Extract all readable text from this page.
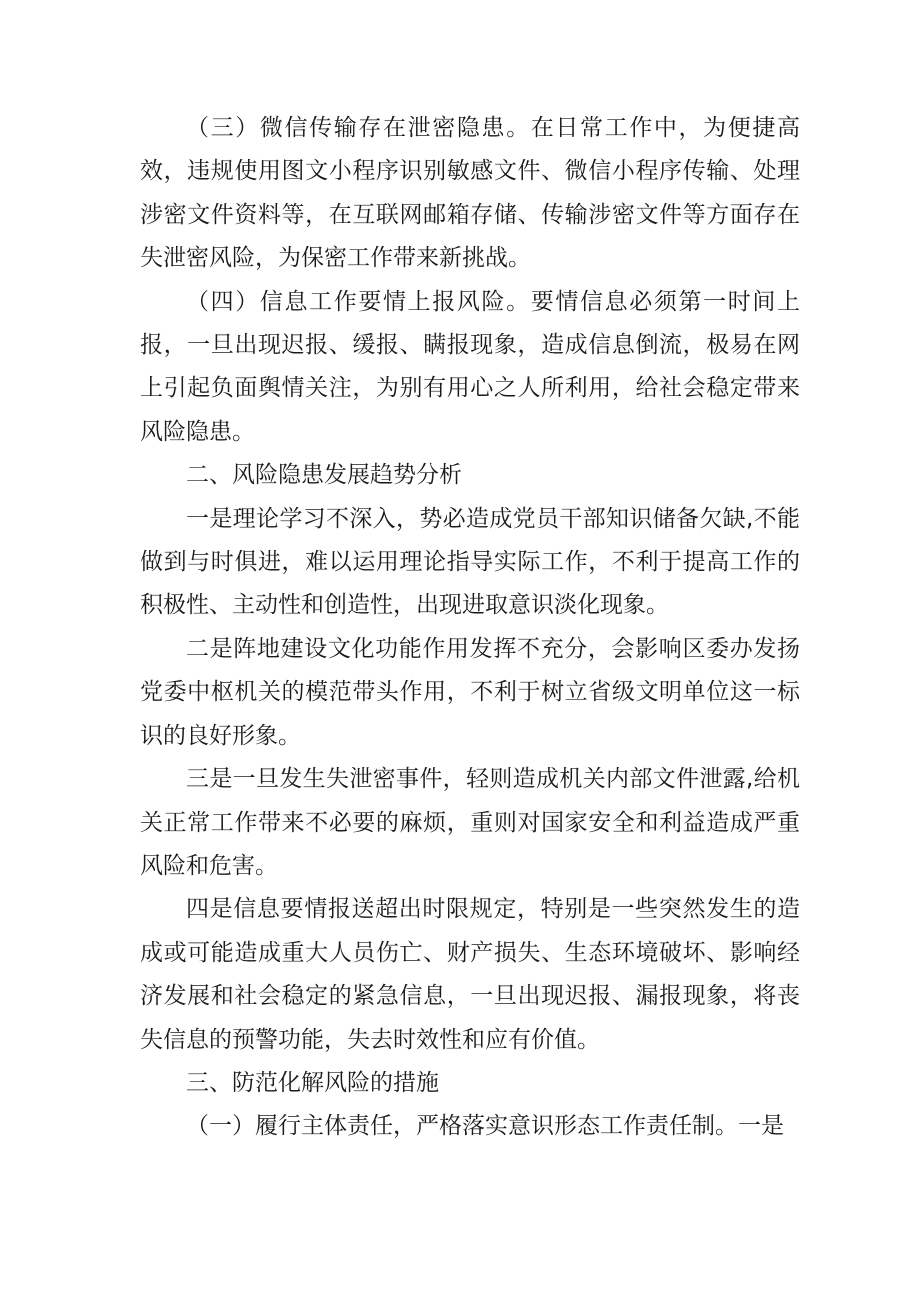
（三）微信传输存在泄密隐患。在日常工作中，为便捷高效，违规使用图文小程序识别敏感文件、微信小程序传输、处理涉密文件资料等，在互联网邮箱存储、传输涉密文件等方面存在失泄密风险，为保密工作带来新挑战。

（四）信息工作要情上报风险。要情信息必须第一时间上报，一旦出现迟报、缓报、瞒报现象，造成信息倒流，极易在网上引起负面舆情关注，为别有用心之人所利用，给社会稳定带来风险隐患。

二、风险隐患发展趋势分析

一是理论学习不深入，势必造成党员干部知识储备欠缺,不能做到与时俱进，难以运用理论指导实际工作，不利于提高工作的积极性、主动性和创造性，出现进取意识淡化现象。

二是阵地建设文化功能作用发挥不充分，会影响区委办发扬党委中枢机关的模范带头作用，不利于树立省级文明单位这一标识的良好形象。

三是一旦发生失泄密事件，轻则造成机关内部文件泄露,给机关正常工作带来不必要的麻烦，重则对国家安全和利益造成严重风险和危害。

四是信息要情报送超出时限规定，特别是一些突然发生的造成或可能造成重大人员伤亡、财产损失、生态环境破坏、影响经济发展和社会稳定的紧急信息，一旦出现迟报、漏报现象，将丧失信息的预警功能，失去时效性和应有价值。

三、防范化解风险的措施

（一）履行主体责任，严格落实意识形态工作责任制。一是
